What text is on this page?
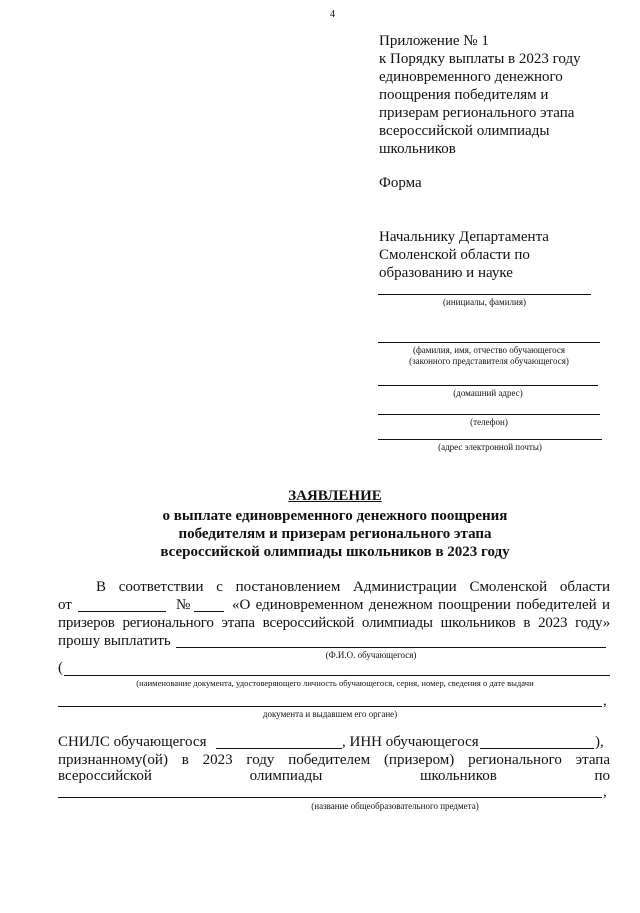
4
Приложение № 1
к Порядку выплаты в 2023 году
единовременного денежного
поощрения победителям и
призерам регионального этапа
всероссийской олимпиады
школьников
Форма
Начальнику Департамента
Смоленской области по
образованию и науке
(инициалы, фамилия)
(фамилия, имя, отчество обучающегося
(законного представителя обучающегося)
(домашний адрес)
(телефон)
(адрес электронной почты)
ЗАЯВЛЕНИЕ
о выплате единовременного денежного поощрения
победителям и призерам регионального этапа
всероссийской олимпиады школьников в 2023 году
В соответствии с постановлением Администрации Смоленской области
от	№	«О единовременном денежном поощрении победителей и
призеров регионального этапа всероссийской олимпиады школьников в 2023 году»
прошу выплатить
(Ф.И.О. обучающегося)
(
(наименование документа, удостоверяющего личность обучающегося, серия, номер, сведения о дате выдачи
,
документа и выдавшем его органе)
СНИЛС обучающегося	, ИНН обучающегося	),
признанному(ой) в 2023 году победителем (призером) регионального этапа
всероссийской	олимпиады	школьников	по
,
(название общеобразовательного предмета)
